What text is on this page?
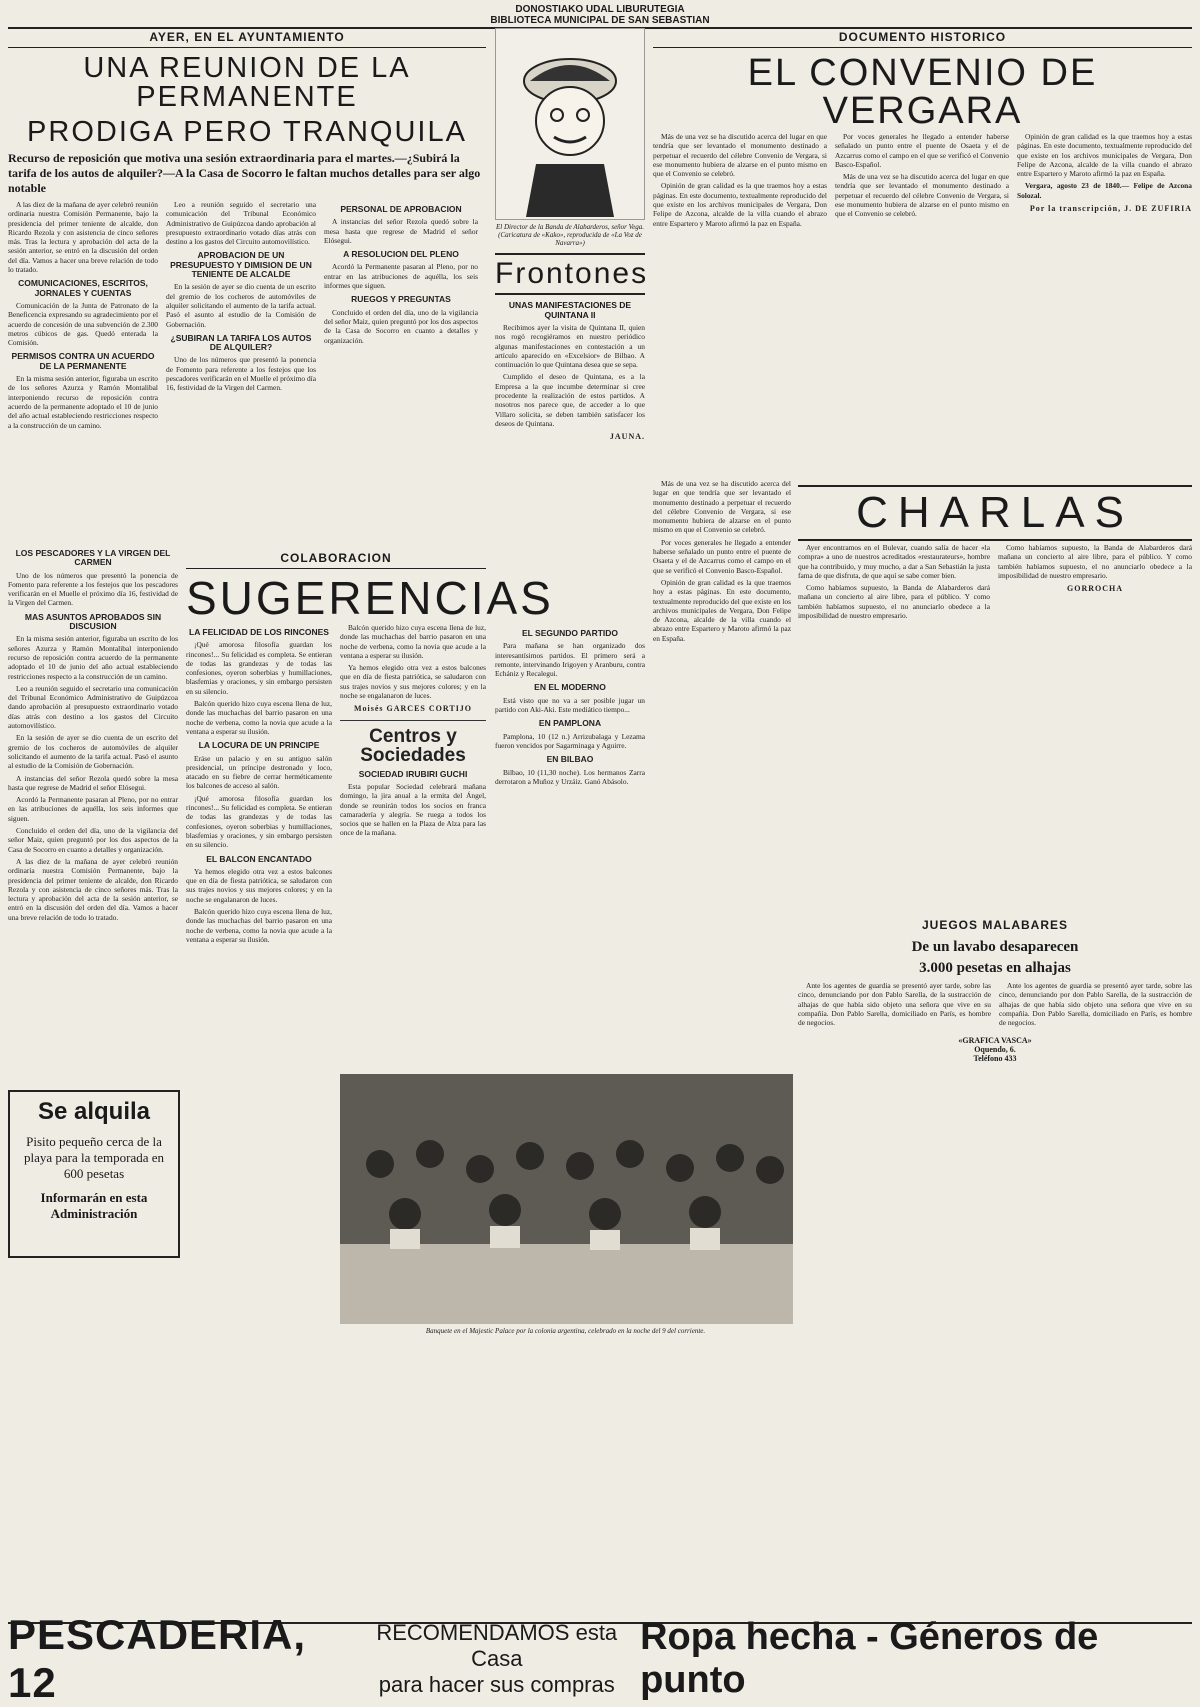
DONOSTIAKO UDAL LIBURUTEGIA
BIBLIOTECA MUNICIPAL DE SAN SEBASTIAN
AYER, EN EL AYUNTAMIENTO
UNA REUNION DE LA PERMANENTE
PRODIGA PERO TRANQUILA
Recurso de reposición que motiva una sesión extraordinaria para el martes.—¿Subirá la tarifa de los autos de alquiler?—A la Casa de Socorro le faltan muchos detalles para ser algo notable

A las diez de la mañana de ayer celebró reunión ordinaria nuestra Comisión Permanente, bajo la presidencia del primer teniente de alcalde, don Ricardo Rezola y con asistencia de cinco señores más. Tras la lectura y aprobación del acta de la sesión anterior, se entró en la discusión del orden del día. Vamos a hacer una breve relación de todo lo tratado.

COMUNICACIONES, ESCRITOS, JORNALES Y CUENTAS

Comunicación de la Junta de Patronato de la Beneficencia expresando su agradecimiento por el acuerdo de concesión de una subvención de 2.300 metros cúbicos de gas. Quedó enterada la Comisión.

PERMISOS CONTRA UN ACUERDO DE LA PERMANENTE

En la misma sesión anterior, figuraba un escrito de los señores Azurza y Ramón Montalibal interponiendo recurso de reposición contra acuerdo de la permanente adoptado el 10 de junio del año actual estableciendo restricciones respecto a la construcción de un camino.

Leo a reunión seguido el secretario una comunicación del Tribunal Económico Administrativo de Guipúzcoa dando aprobación al presupuesto extraordinario votado días atrás con destino a los gastos del Circuito automovilístico.

APROBACION DE UN PRESUPUESTO Y DIMISION DE UN TENIENTE DE ALCALDE

En la sesión de ayer se dio cuenta de un escrito del gremio de los cocheros de automóviles de alquiler solicitando el aumento de la tarifa actual. Pasó el asunto al estudio de la Comisión de Gobernación.

¿SUBIRAN LA TARIFA LOS AUTOS DE ALQUILER?

Uno de los números que presentó la ponencia de Fomento para referente a los festejos que los pescadores verificarán en el Muelle el próximo día 16, festividad de la Virgen del Carmen.

PERSONAL DE APROBACION

A instancias del señor Rezola quedó sobre la mesa hasta que regrese de Madrid el señor Elósegui.

A RESOLUCION DEL PLENO

Acordó la Permanente pasaran al Pleno, por no entrar en las atribuciones de aquélla, los seis informes que siguen.

RUEGOS Y PREGUNTAS

Concluido el orden del día, uno de la vigilancia del señor Maiz, quien preguntó por los dos aspectos de la Casa de Socorro en cuanto a detalles y organización.

LOS PESCADORES Y LA VIRGEN DEL CARMEN

Uno de los números que presentó la ponencia de Fomento para referente a los festejos que los pescadores verificarán en el Muelle el próximo día 16, festividad de la Virgen del Carmen.

MAS ASUNTOS APROBADOS SIN DISCUSION

En la misma sesión anterior, figuraba un escrito de los señores Azurza y Ramón Montalibal interponiendo recurso de reposición contra acuerdo de la permanente adoptado el 10 de junio del año actual estableciendo restricciones respecto a la construcción de un camino.

Leo a reunión seguido el secretario una comunicación del Tribunal Económico Administrativo de Guipúzcoa dando aprobación al presupuesto extraordinario votado días atrás con destino a los gastos del Circuito automovilístico.

En la sesión de ayer se dio cuenta de un escrito del gremio de los cocheros de automóviles de alquiler solicitando el aumento de la tarifa actual. Pasó el asunto al estudio de la Comisión de Gobernación.

A instancias del señor Rezola quedó sobre la mesa hasta que regrese de Madrid el señor Elósegui.

Acordó la Permanente pasaran al Pleno, por no entrar en las atribuciones de aquélla, los seis informes que siguen.

Concluido el orden del día, uno de la vigilancia del señor Maiz, quien preguntó por los dos aspectos de la Casa de Socorro en cuanto a detalles y organización.

A las diez de la mañana de ayer celebró reunión ordinaria nuestra Comisión Permanente, bajo la presidencia del primer teniente de alcalde, don Ricardo Rezola y con asistencia de cinco señores más. Tras la lectura y aprobación del acta de la sesión anterior, se entró en la discusión del orden del día. Vamos a hacer una breve relación de todo lo tratado.

Se alquila
Pisito pequeño cerca de la playa para la temporada en 600 pesetas
Informarán en esta Administración
COLABORACION
SUGERENCIAS
LA FELICIDAD DE LOS RINCONES

¡Qué amorosa filosofía guardan los rincones!... Su felicidad es completa. Se entieran de todas las grandezas y de todas las confesiones, oyeron soberbias y humillaciones, blasfemias y oraciones, y sin embargo persisten en su silencio.

Balcón querido hizo cuya escena llena de luz, donde las muchachas del barrio pasaron en una noche de verbena, como la novia que acude a la ventana a esperar su ilusión.

LA LOCURA DE UN PRINCIPE

Eráse un palacio y en su antiguo salón presidencial, un príncipe destronado y loco, atacado en su fiebre de cerrar herméticamente los balcones de acceso al salón.

¡Qué amorosa filosofía guardan los rincones!... Su felicidad es completa. Se entieran de todas las grandezas y de todas las confesiones, oyeron soberbias y humillaciones, blasfemias y oraciones, y sin embargo persisten en su silencio.

EL BALCON ENCANTADO

Ya hemos elegido otra vez a estos balcones que en día de fiesta patriótica, se saludaron con sus trajes novios y sus mejores colores; y en la noche se engalanaron de luces.

Balcón querido hizo cuya escena llena de luz, donde las muchachas del barrio pasaron en una noche de verbena, como la novia que acude a la ventana a esperar su ilusión.

Balcón querido hizo cuya escena llena de luz, donde las muchachas del barrio pasaron en una noche de verbena, como la novia que acude a la ventana a esperar su ilusión.

Ya hemos elegido otra vez a estos balcones que en día de fiesta patriótica, se saludaron con sus trajes novios y sus mejores colores; y en la noche se engalanaron de luces.

Moisés GARCES CORTIJO
Centros y Sociedades
SOCIEDAD IRUBIRI GUCHI

Esta popular Sociedad celebrará mañana domingo, la jira anual a la ermita del Ángel, donde se reunirán todos los socios en franca camaradería y alegría. Se ruega a todos los socios que se hallen en la Plaza de Alza para las once de la mañana.

El Director de la Banda de Alabarderos, señor Vega. (Caricatura de «Kako», reproducida de «La Voz de Navarra»)
Frontones
UNAS MANIFESTACIONES DE QUINTANA II

Recibimos ayer la visita de Quintana II, quien nos rogó recogiéramos en nuestro periódico algunas manifestaciones en contestación a un artículo aparecido en «Excelsior» de Bilbao. A continuación lo que Quintana desea que se sepa.

Cumplido el deseo de Quintana, es a la Empresa a la que incumbe determinar si cree procedente la realización de estos partidos. A nosotros nos parece que, de acceder a lo que Villaro solicita, se deben también satisfacer los deseos de Quintana.

JAUNA.
EL SEGUNDO PARTIDO

Para mañana se han organizado dos interesantísimos partidos. El primero será a remonte, intervinando Irigoyen y Aranburu, contra Echániz y Recalegui.

EN EL MODERNO

Está visto que no va a ser posible jugar un partido con Aki-Aki. Este mediático tiempo...

EN PAMPLONA

Pamplona, 10 (12 n.) Arrizubalaga y Lezama fueron vencidos por Sagarminaga y Aguirre.

EN BILBAO

Bilbao, 10 (11,30 noche). Los hermanos Zarra derrotaron a Muñoz y Urzáiz. Ganó Abásolo.

DOCUMENTO HISTORICO
EL CONVENIO DE VERGARA

Más de una vez se ha discutido acerca del lugar en que tendría que ser levantado el monumento destinado a perpetuar el recuerdo del célebre Convenio de Vergara, si ese monumento hubiera de alzarse en el punto mismo en que el Convenio se celebró.

Opinión de gran calidad es la que traemos hoy a estas páginas. En este documento, textualmente reproducido del que existe en los archivos municipales de Vergara, Don Felipe de Azcona, alcalde de la villa cuando el abrazo entre Espartero y Maroto afirmó la paz en España.

Por voces generales he llegado a entender haberse señalado un punto entre el puente de Osaeta y el de Azcarrus como el campo en el que se verificó el Convenio Basco-Español.

Más de una vez se ha discutido acerca del lugar en que tendría que ser levantado el monumento destinado a perpetuar el recuerdo del célebre Convenio de Vergara, si ese monumento hubiera de alzarse en el punto mismo en que el Convenio se celebró.

Opinión de gran calidad es la que traemos hoy a estas páginas. En este documento, textualmente reproducido del que existe en los archivos municipales de Vergara, Don Felipe de Azcona, alcalde de la villa cuando el abrazo entre Espartero y Maroto afirmó la paz en España.

Vergara, agosto 23 de 1840.— Felipe de Azcona Solozal.

Por la transcripción, J. DE ZUFIRIA
CHARLAS

Ayer encontramos en el Bulevar, cuando salía de hacer «la compra» a uno de nuestros acreditados «restaurateurs», hombre que ha contribuido, y muy mucho, a dar a San Sebastián la justa fama de que disfruta, de que aquí se sabe comer bien.

Como habíamos supuesto, la Banda de Alabarderos dará mañana un concierto al aire libre, para el público. Y como también habíamos supuesto, el no anunciarlo obedece a la imposibilidad de nuestro empresario.

Como habíamos supuesto, la Banda de Alabarderos dará mañana un concierto al aire libre, para el público. Y como también habíamos supuesto, el no anunciarlo obedece a la imposibilidad de nuestro empresario.

GORROCHA

Más de una vez se ha discutido acerca del lugar en que tendría que ser levantado el monumento destinado a perpetuar el recuerdo del célebre Convenio de Vergara, si ese monumento hubiera de alzarse en el punto mismo en que el Convenio se celebró.

Por voces generales he llegado a entender haberse señalado un punto entre el puente de Osaeta y el de Azcarrus como el campo en el que se verificó el Convenio Basco-Español.

Opinión de gran calidad es la que traemos hoy a estas páginas. En este documento, textualmente reproducido del que existe en los archivos municipales de Vergara, Don Felipe de Azcona, alcalde de la villa cuando el abrazo entre Espartero y Maroto afirmó la paz en España.

JUEGOS MALABARES
De un lavabo desaparecen
3.000 pesetas en alhajas

Ante los agentes de guardia se presentó ayer tarde, sobre las cinco, denunciando por don Pablo Sarella, de la sustracción de alhajas de que había sido objeto una señora que vive en su compañía. Don Pablo Sarella, domiciliado en París, es hombre de negocios.

Ante los agentes de guardia se presentó ayer tarde, sobre las cinco, denunciando por don Pablo Sarella, de la sustracción de alhajas de que había sido objeto una señora que vive en su compañía. Don Pablo Sarella, domiciliado en París, es hombre de negocios.

«GRAFICA VASCA»
Oquendo, 6.
Teléfono 433
Banquete en el Majestic Palace por la colonia argentina, celebrado en la noche del 9 del corriente.
PESCADERIA, 12
RECOMENDAMOS esta Casa
para hacer sus compras
Ropa hecha - Géneros de punto
